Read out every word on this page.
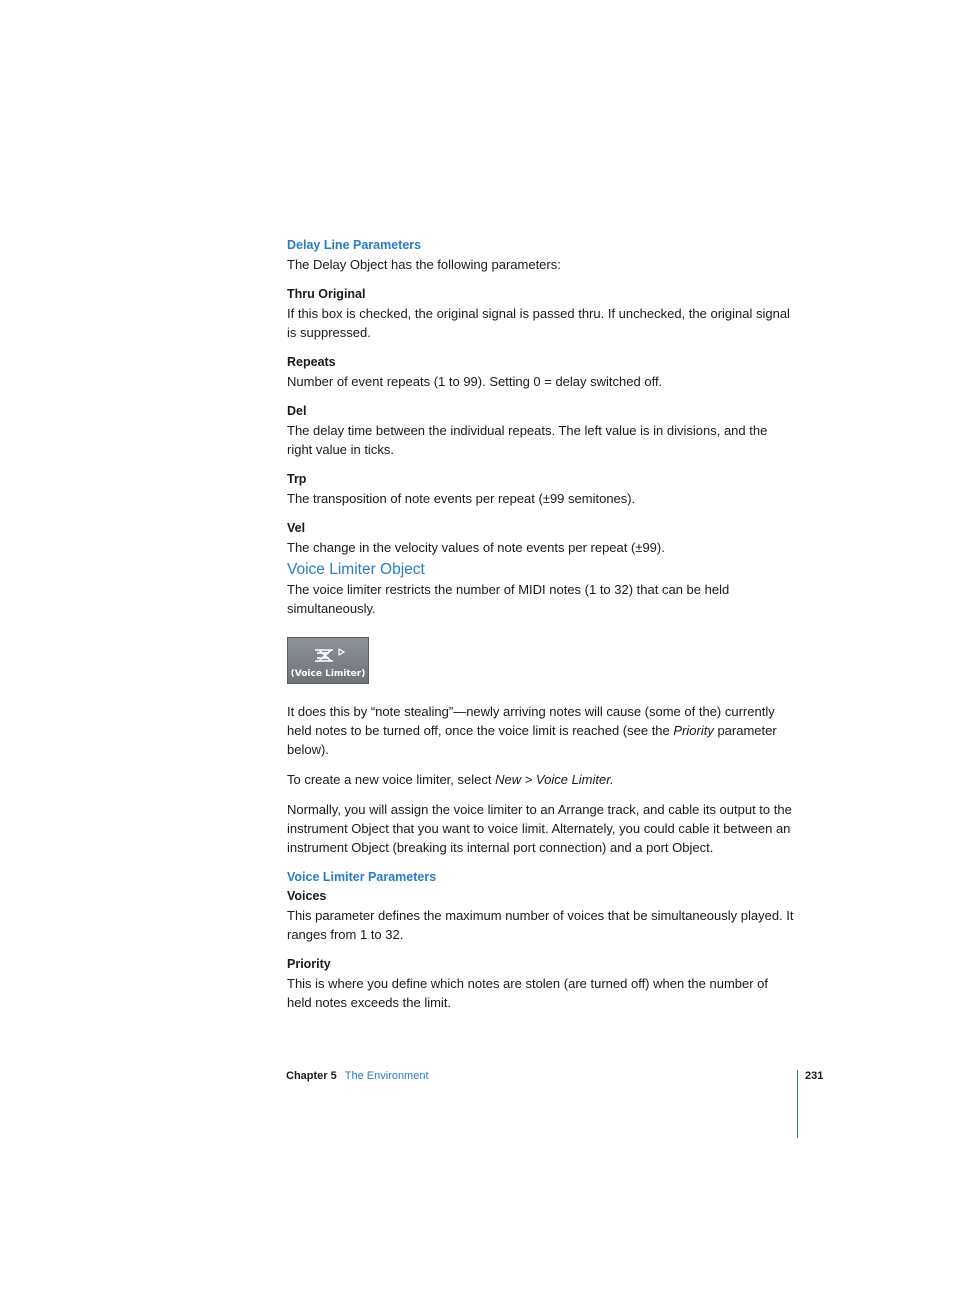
Delay Line Parameters

The Delay Object has the following parameters:

Thru Original

If this box is checked, the original signal is passed thru. If unchecked, the original signal is suppressed.

Repeats

Number of event repeats (1 to 99). Setting 0 = delay switched off.

Del

The delay time between the individual repeats. The left value is in divisions, and the right value in ticks.

Trp

The transposition of note events per repeat (±99 semitones).

Vel

The change in the velocity values of note events per repeat (±99).

Voice Limiter Object

The voice limiter restricts the number of MIDI notes (1 to 32) that can be held simultaneously.

(Voice Limiter)

It does this by “note stealing”—newly arriving notes will cause (some of the) currently held notes to be turned off, once the voice limit is reached (see the Priority parameter below).

To create a new voice limiter, select New > Voice Limiter.

Normally, you will assign the voice limiter to an Arrange track, and cable its output to the instrument Object that you want to voice limit. Alternately, you could cable it between an instrument Object (breaking its internal port connection) and a port Object.

Voice Limiter Parameters

Voices

This parameter defines the maximum number of voices that be simultaneously played. It ranges from 1 to 32.

Priority

This is where you define which notes are stolen (are turned off) when the number of held notes exceeds the limit.

Chapter 5 The Environment	231
